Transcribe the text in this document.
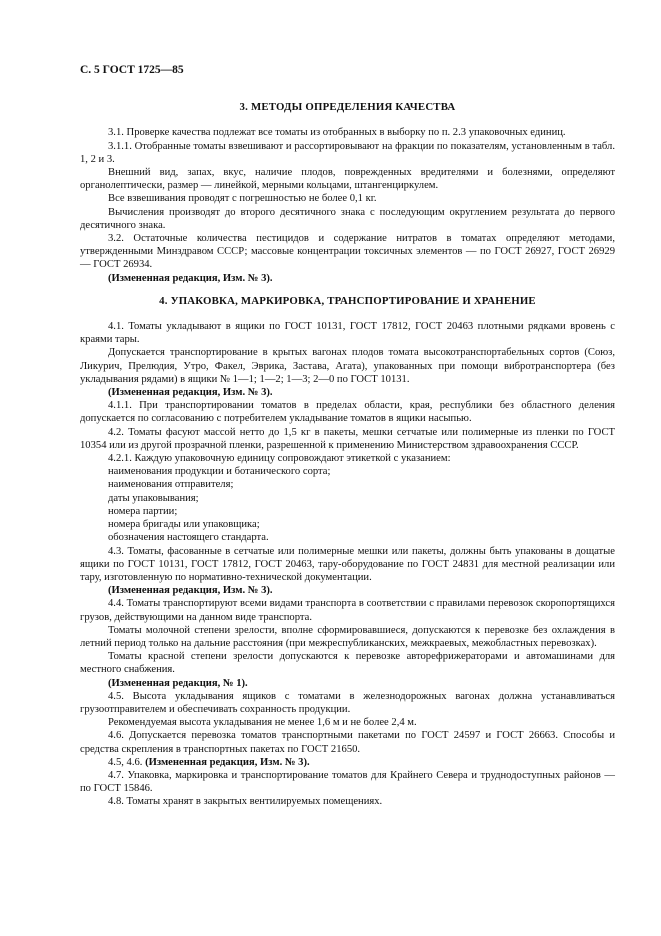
С. 5 ГОСТ 1725—85
3. МЕТОДЫ ОПРЕДЕЛЕНИЯ КАЧЕСТВА

3.1. Проверке качества подлежат все томаты из отобранных в выборку по п. 2.3 упаковочных единиц.

3.1.1. Отобранные томаты взвешивают и рассортировывают на фракции по показателям, установленным в табл. 1, 2 и 3.

Внешний вид, запах, вкус, наличие плодов, поврежденных вредителями и болезнями, определяют органолептически, размер — линейкой, мерными кольцами, штангенциркулем.

Все взвешивания проводят с погрешностью не более 0,1 кг.

Вычисления производят до второго десятичного знака с последующим округлением результата до первого десятичного знака.

3.2. Остаточные количества пестицидов и содержание нитратов в томатах определяют методами, утвержденными Минздравом СССР; массовые концентрации токсичных элементов — по ГОСТ 26927, ГОСТ 26929 — ГОСТ 26934.

(Измененная редакция, Изм. № 3).

4. УПАКОВКА, МАРКИРОВКА, ТРАНСПОРТИРОВАНИЕ И ХРАНЕНИЕ

4.1. Томаты укладывают в ящики по ГОСТ 10131, ГОСТ 17812, ГОСТ 20463 плотными рядками вровень с краями тары.

Допускается транспортирование в крытых вагонах плодов томата высокотранспортабельных сортов (Союз, Ликурич, Прелюдия, Утро, Факел, Эврика, Застава, Агата), упакованных при помощи вибротранспортера (без укладывания рядами) в ящики № 1—1; 1—2; 1—3; 2—0 по ГОСТ 10131.

(Измененная редакция, Изм. № 3).

4.1.1. При транспортировании томатов в пределах области, края, республики без областного деления допускается по согласованию с потребителем укладывание томатов в ящики насыпью.

4.2. Томаты фасуют массой нетто до 1,5 кг в пакеты, мешки сетчатые или полимерные из пленки по ГОСТ 10354 или из другой прозрачной пленки, разрешенной к применению Министерством здравоохранения СССР.

4.2.1. Каждую упаковочную единицу сопровождают этикеткой с указанием:

наименования продукции и ботанического сорта;

наименования отправителя;

даты упаковывания;

номера партии;

номера бригады или упаковщика;

обозначения настоящего стандарта.

4.3. Томаты, фасованные в сетчатые или полимерные мешки или пакеты, должны быть упакованы в дощатые ящики по ГОСТ 10131, ГОСТ 17812, ГОСТ 20463, тару-оборудование по ГОСТ 24831 для местной реализации или тару, изготовленную по нормативно-технической документации.

(Измененная редакция, Изм. № 3).

4.4. Томаты транспортируют всеми видами транспорта в соответствии с правилами перевозок скоропортящихся грузов, действующими на данном виде транспорта.

Томаты молочной степени зрелости, вполне сформировавшиеся, допускаются к перевозке без охлаждения в летний период только на дальние расстояния (при межреспубликанских, межкраевых, межобластных перевозках).

Томаты красной степени зрелости допускаются к перевозке авторефрижераторами и автомашинами для местного снабжения.

(Измененная редакция, № 1).

4.5. Высота укладывания ящиков с томатами в железнодорожных вагонах должна устанавливаться грузоотправителем и обеспечивать сохранность продукции.

Рекомендуемая высота укладывания не менее 1,6 м и не более 2,4 м.

4.6. Допускается перевозка томатов транспортными пакетами по ГОСТ 24597 и ГОСТ 26663. Способы и средства скрепления в транспортных пакетах по ГОСТ 21650.

4.5, 4.6. (Измененная редакция, Изм. № 3).

4.7. Упаковка, маркировка и транспортирование томатов для Крайнего Севера и труднодоступных районов — по ГОСТ 15846.

4.8. Томаты хранят в закрытых вентилируемых помещениях.
